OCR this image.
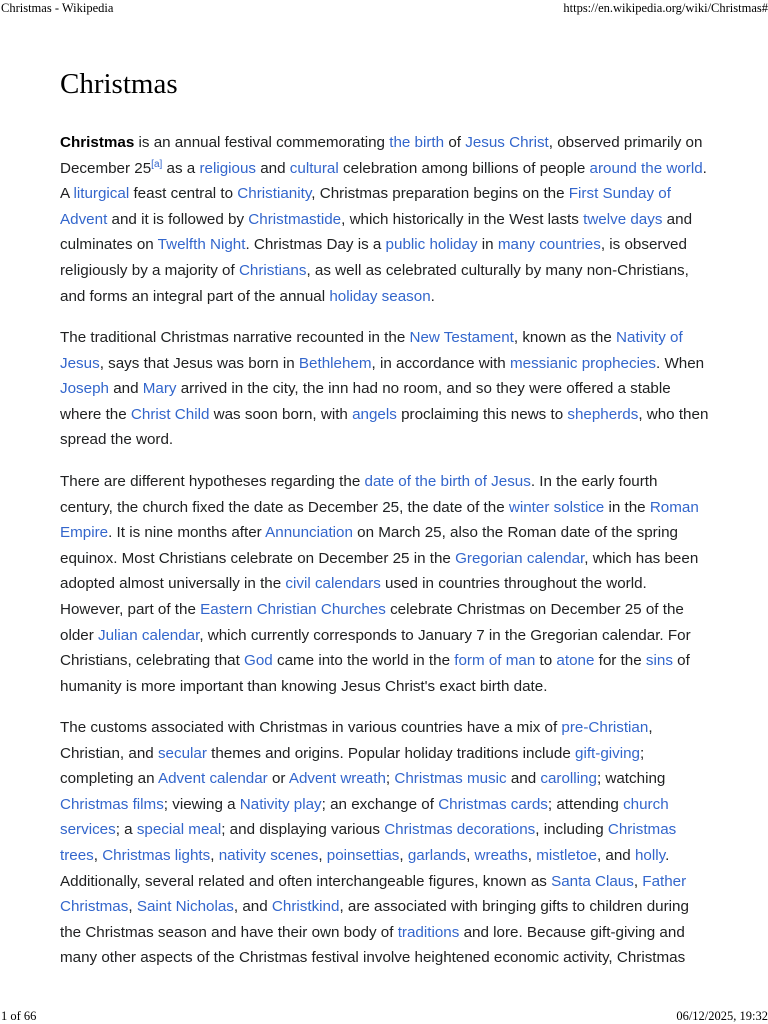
Christmas - Wikipedia	https://en.wikipedia.org/wiki/Christmas#
Christmas

Christmas is an annual festival commemorating the birth of Jesus Christ, observed primarily on December 25[a] as a religious and cultural celebration among billions of people around the world. A liturgical feast central to Christianity, Christmas preparation begins on the First Sunday of Advent and it is followed by Christmastide, which historically in the West lasts twelve days and culminates on Twelfth Night. Christmas Day is a public holiday in many countries, is observed religiously by a majority of Christians, as well as celebrated culturally by many non-Christians, and forms an integral part of the annual holiday season.

The traditional Christmas narrative recounted in the New Testament, known as the Nativity of Jesus, says that Jesus was born in Bethlehem, in accordance with messianic prophecies. When Joseph and Mary arrived in the city, the inn had no room, and so they were offered a stable where the Christ Child was soon born, with angels proclaiming this news to shepherds, who then spread the word.

There are different hypotheses regarding the date of the birth of Jesus. In the early fourth century, the church fixed the date as December 25, the date of the winter solstice in the Roman Empire. It is nine months after Annunciation on March 25, also the Roman date of the spring equinox. Most Christians celebrate on December 25 in the Gregorian calendar, which has been adopted almost universally in the civil calendars used in countries throughout the world. However, part of the Eastern Christian Churches celebrate Christmas on December 25 of the older Julian calendar, which currently corresponds to January 7 in the Gregorian calendar. For Christians, celebrating that God came into the world in the form of man to atone for the sins of humanity is more important than knowing Jesus Christ's exact birth date.

The customs associated with Christmas in various countries have a mix of pre-Christian, Christian, and secular themes and origins. Popular holiday traditions include gift-giving; completing an Advent calendar or Advent wreath; Christmas music and carolling; watching Christmas films; viewing a Nativity play; an exchange of Christmas cards; attending church services; a special meal; and displaying various Christmas decorations, including Christmas trees, Christmas lights, nativity scenes, poinsettias, garlands, wreaths, mistletoe, and holly. Additionally, several related and often interchangeable figures, known as Santa Claus, Father Christmas, Saint Nicholas, and Christkind, are associated with bringing gifts to children during the Christmas season and have their own body of traditions and lore. Because gift-giving and many other aspects of the Christmas festival involve heightened economic activity, Christmas

1 of 66	06/12/2025, 19:32
